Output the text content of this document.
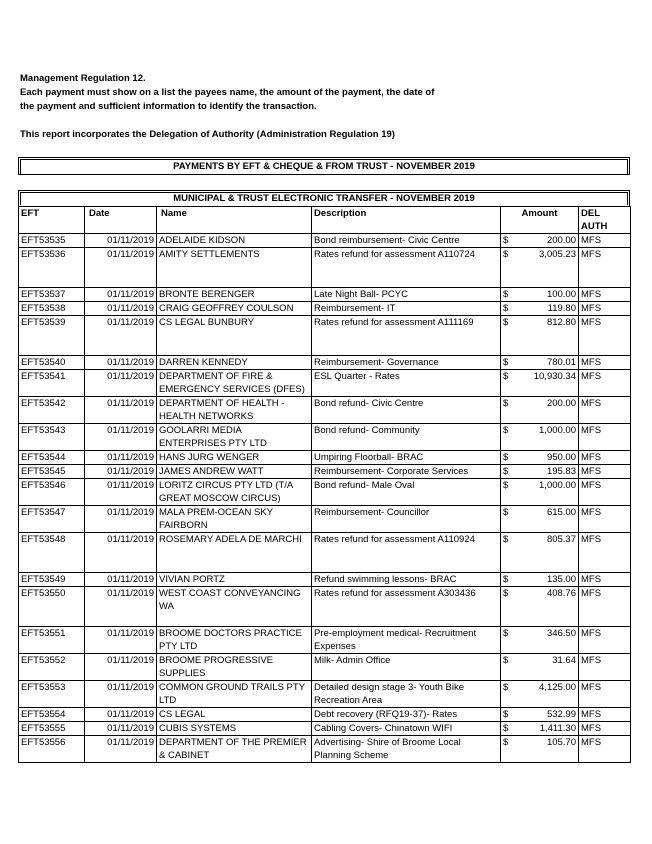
Management Regulation 12.

Each payment must show on a list the payees name, the amount of the payment, the date of

the payment and sufficient information to identify the transaction.

This report incorporates the Delegation of Authority (Administration Regulation 19)

PAYMENTS BY EFT & CHEQUE & FROM TRUST - NOVEMBER 2019
MUNICIPAL & TRUST ELECTRONIC TRANSFER - NOVEMBER 2019
EFT	Date	Name	Description	Amount	DEL AUTH
EFT53535	01/11/2019	ADELAIDE KIDSON	Bond reimbursement- Civic Centre	$ 200.00	MFS
EFT53536	01/11/2019	AMITY SETTLEMENTS	Rates refund for assessment A110724	$ 3,005.23	MFS
EFT53537	01/11/2019	BRONTE BERENGER	Late Night Ball- PCYC	$ 100.00	MFS
EFT53538	01/11/2019	CRAIG GEOFFREY COULSON	Reimbursement- IT	$ 119.80	MFS
EFT53539	01/11/2019	CS LEGAL BUNBURY	Rates refund for assessment A111169	$ 812.80	MFS
EFT53540	01/11/2019	DARREN KENNEDY	Reimbursement- Governance	$ 780.01	MFS
EFT53541	01/11/2019	DEPARTMENT OF FIRE & EMERGENCY SERVICES (DFES)	ESL Quarter - Rates	$ 10,930.34	MFS
EFT53542	01/11/2019	DEPARTMENT OF HEALTH - HEALTH NETWORKS	Bond refund- Civic Centre	$ 200.00	MFS
EFT53543	01/11/2019	GOOLARRI MEDIA ENTERPRISES PTY LTD	Bond refund- Community	$ 1,000.00	MFS
EFT53544	01/11/2019	HANS JURG WENGER	Umpiring Floorball- BRAC	$ 950.00	MFS
EFT53545	01/11/2019	JAMES ANDREW WATT	Reimbursement- Corporate Services	$ 195.83	MFS
EFT53546	01/11/2019	LORITZ CIRCUS PTY LTD (T/A GREAT MOSCOW CIRCUS)	Bond refund- Male Oval	$ 1,000.00	MFS
EFT53547	01/11/2019	MALA PREM-OCEAN SKY FAIRBORN	Reimbursement- Councillor	$ 615.00	MFS
EFT53548	01/11/2019	ROSEMARY ADELA DE MARCHI	Rates refund for assessment A110924	$ 805.37	MFS
EFT53549	01/11/2019	VIVIAN PORTZ	Refund swimming lessons- BRAC	$ 135.00	MFS
EFT53550	01/11/2019	WEST COAST CONVEYANCING WA	Rates refund for assessment A303436	$ 408.76	MFS
EFT53551	01/11/2019	BROOME DOCTORS PRACTICE PTY LTD	Pre-employment medical- Recruitment Expenses	$ 346.50	MFS
EFT53552	01/11/2019	BROOME PROGRESSIVE SUPPLIES	Milk- Admin Office	$ 31.64	MFS
EFT53553	01/11/2019	COMMON GROUND TRAILS PTY LTD	Detailed design stage 3- Youth Bike Recreation Area	$ 4,125.00	MFS
EFT53554	01/11/2019	CS LEGAL	Debt recovery (RFQ19-37)- Rates	$ 532.99	MFS
EFT53555	01/11/2019	CUBIS SYSTEMS	Cabling Covers- Chinatown WIFI	$ 1,411.30	MFS
EFT53556	01/11/2019	DEPARTMENT OF THE PREMIER & CABINET	Advertising- Shire of Broome Local Planning Scheme	$ 105.70	MFS
